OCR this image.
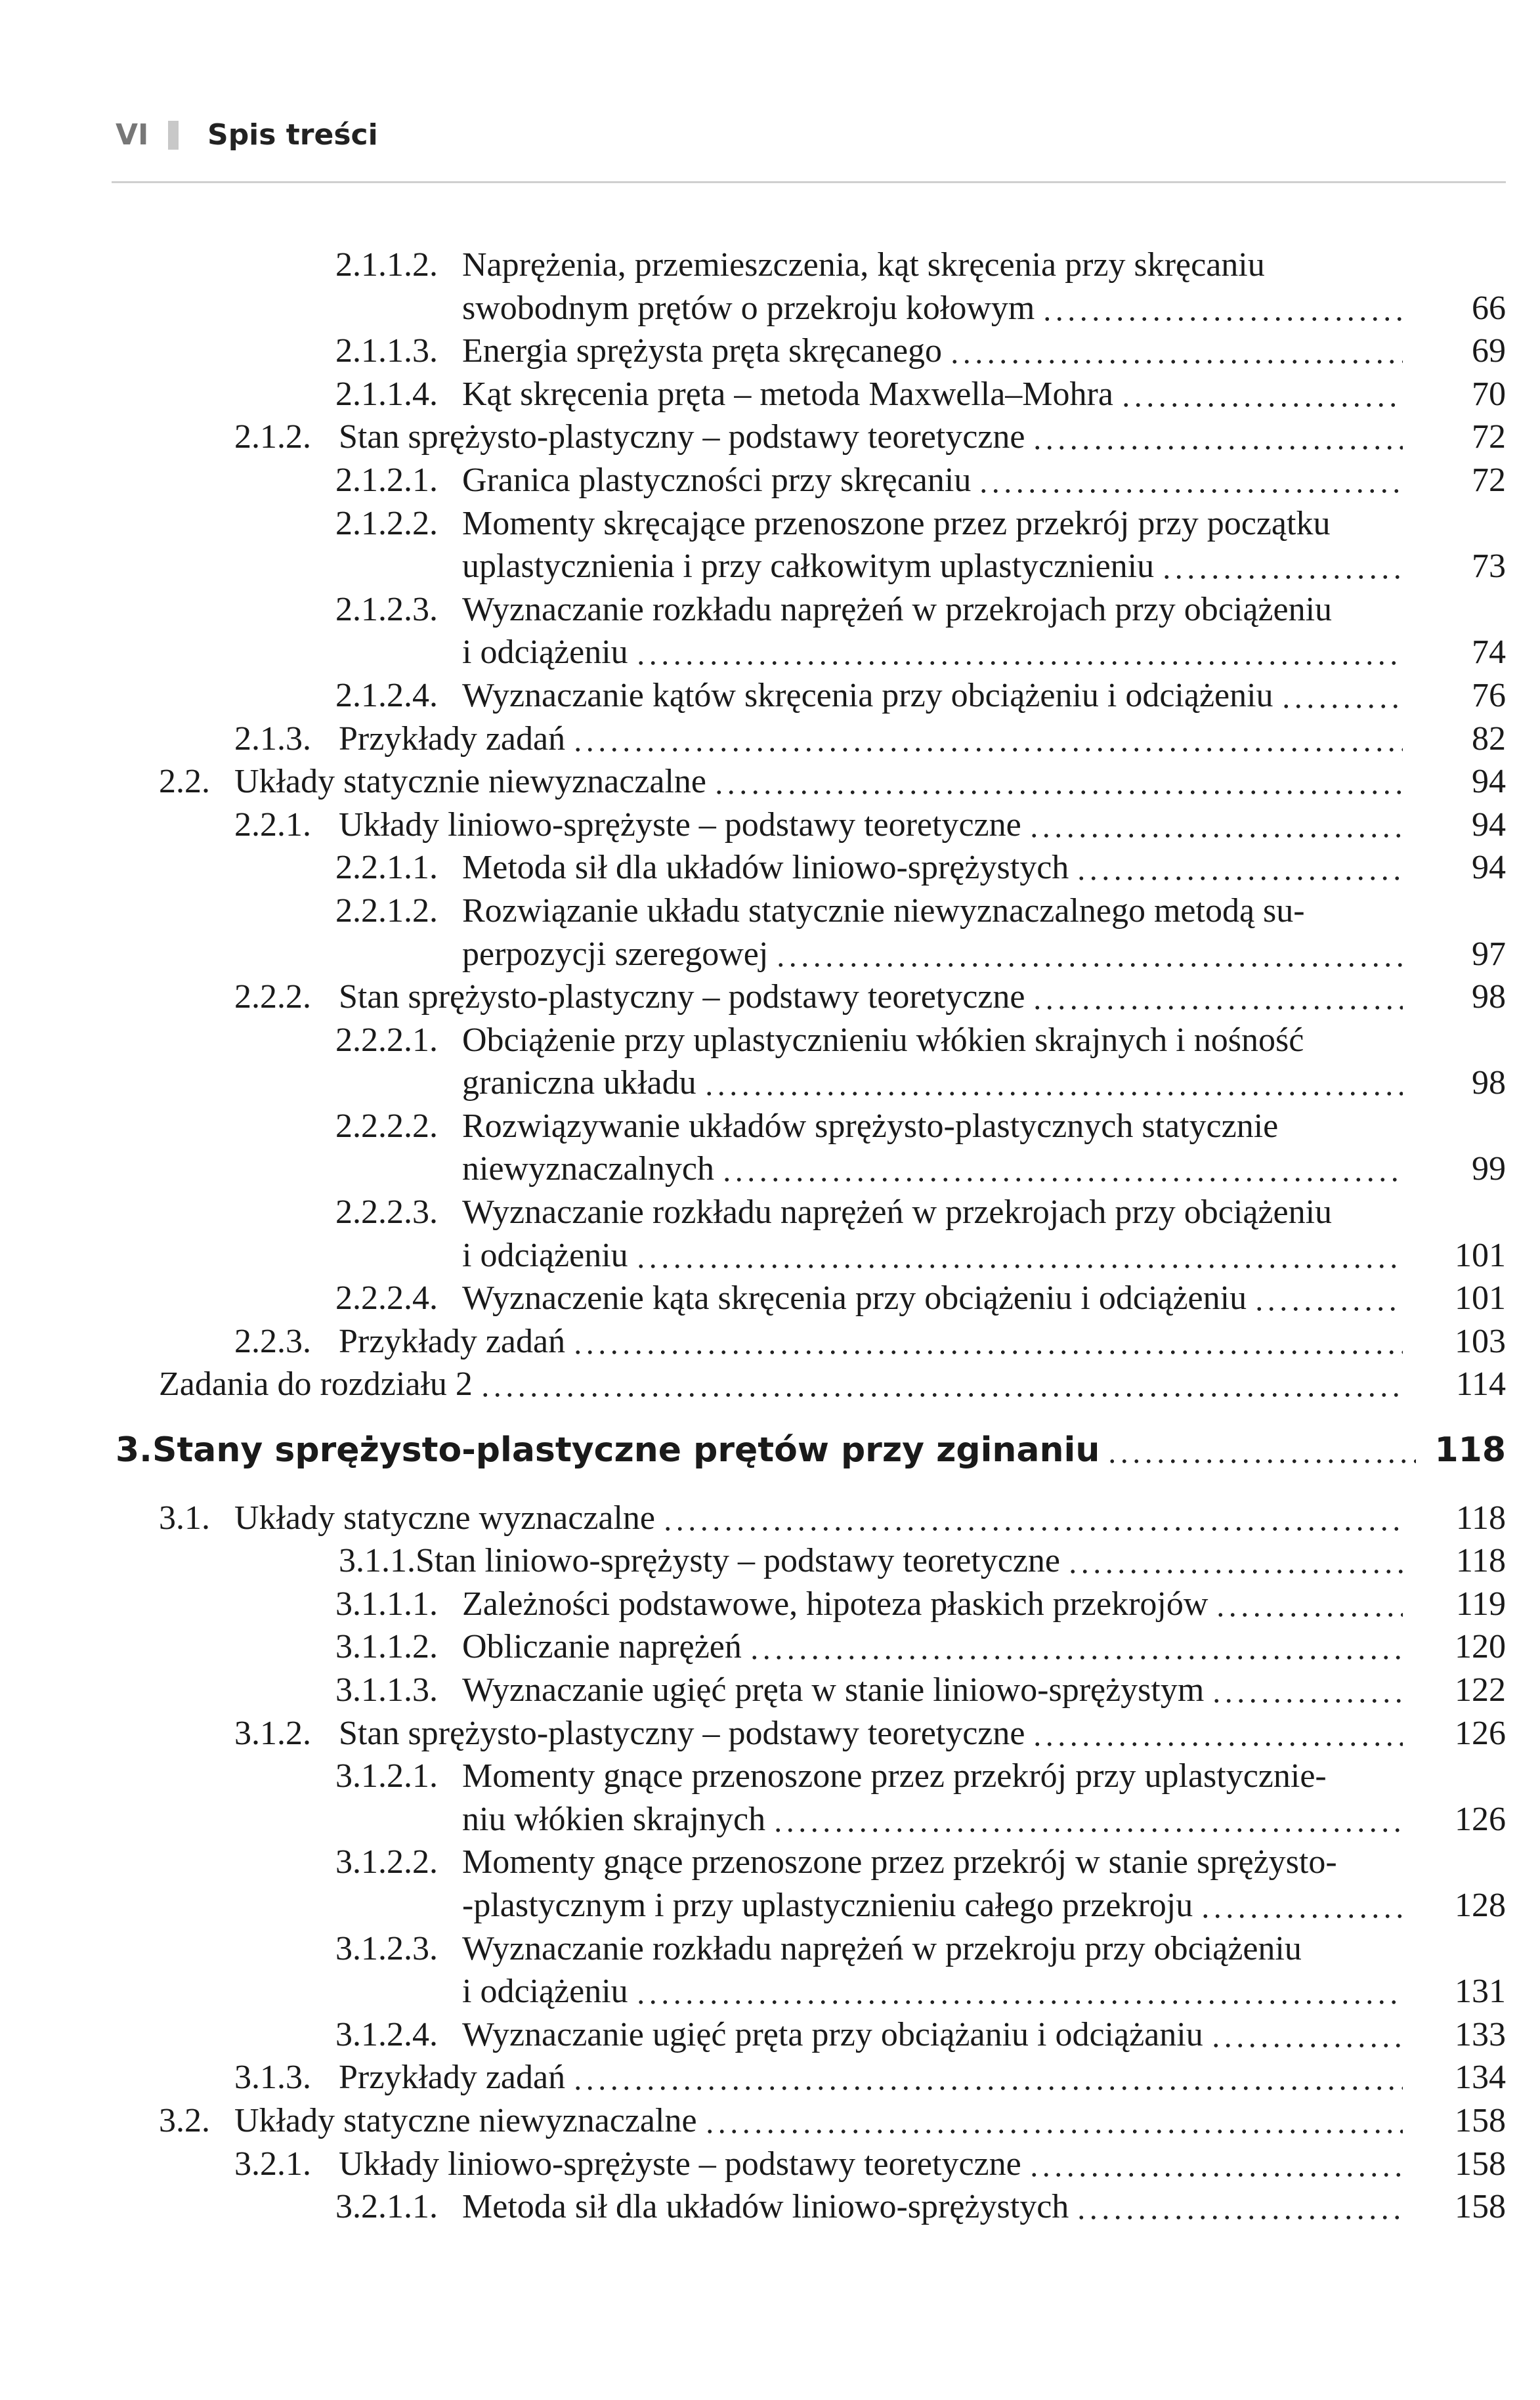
VI	Spis treści
2.1.1.2. Naprężenia, przemieszczenia, kąt skręcenia przy skręcaniu
swobodnym prętów o przekroju kołowym	66
2.1.1.3. Energia sprężysta pręta skręcanego	69
2.1.1.4. Kąt skręcenia pręta – metoda Maxwella–Mohra	70
2.1.2. Stan sprężysto-plastyczny – podstawy teoretyczne	72
2.1.2.1. Granica plastyczności przy skręcaniu	72
2.1.2.2. Momenty skręcające przenoszone przez przekrój przy początku
uplastycznienia i przy całkowitym uplastycznieniu	73
2.1.2.3. Wyznaczanie rozkładu naprężeń w przekrojach przy obciążeniu
i odciążeniu	74
2.1.2.4. Wyznaczanie kątów skręcenia przy obciążeniu i odciążeniu	76
2.1.3. Przykłady zadań	82
2.2. Układy statycznie niewyznaczalne	94
2.2.1. Układy liniowo-sprężyste – podstawy teoretyczne	94
2.2.1.1. Metoda sił dla układów liniowo-sprężystych	94
2.2.1.2. Rozwiązanie układu statycznie niewyznaczalnego metodą su-
perpozycji szeregowej	97
2.2.2. Stan sprężysto-plastyczny – podstawy teoretyczne	98
2.2.2.1. Obciążenie przy uplastycznieniu włókien skrajnych i nośność
graniczna układu	98
2.2.2.2. Rozwiązywanie układów sprężysto-plastycznych statycznie
niewyznaczalnych	99
2.2.2.3. Wyznaczanie rozkładu naprężeń w przekrojach przy obciążeniu
i odciążeniu	101
2.2.2.4. Wyznaczenie kąta skręcenia przy obciążeniu i odciążeniu	101
2.2.3. Przykłady zadań	103
Zadania do rozdziału 2	114
3. Stany sprężysto-plastyczne prętów przy zginaniu	118
3.1. Układy statyczne wyznaczalne	118
3.1.1.Stan liniowo-sprężysty – podstawy teoretyczne	118
3.1.1.1. Zależności podstawowe, hipoteza płaskich przekrojów	119
3.1.1.2. Obliczanie naprężeń	120
3.1.1.3. Wyznaczanie ugięć pręta w stanie liniowo-sprężystym	122
3.1.2. Stan sprężysto-plastyczny – podstawy teoretyczne	126
3.1.2.1. Momenty gnące przenoszone przez przekrój przy uplastycznie-
niu włókien skrajnych	126
3.1.2.2. Momenty gnące przenoszone przez przekrój w stanie sprężysto-
-plastycznym i przy uplastycznieniu całego przekroju	128
3.1.2.3. Wyznaczanie rozkładu naprężeń w przekroju przy obciążeniu
i odciążeniu	131
3.1.2.4. Wyznaczanie ugięć pręta przy obciążaniu i odciążaniu	133
3.1.3. Przykłady zadań	134
3.2. Układy statyczne niewyznaczalne	158
3.2.1. Układy liniowo-sprężyste – podstawy teoretyczne	158
3.2.1.1. Metoda sił dla układów liniowo-sprężystych	158
